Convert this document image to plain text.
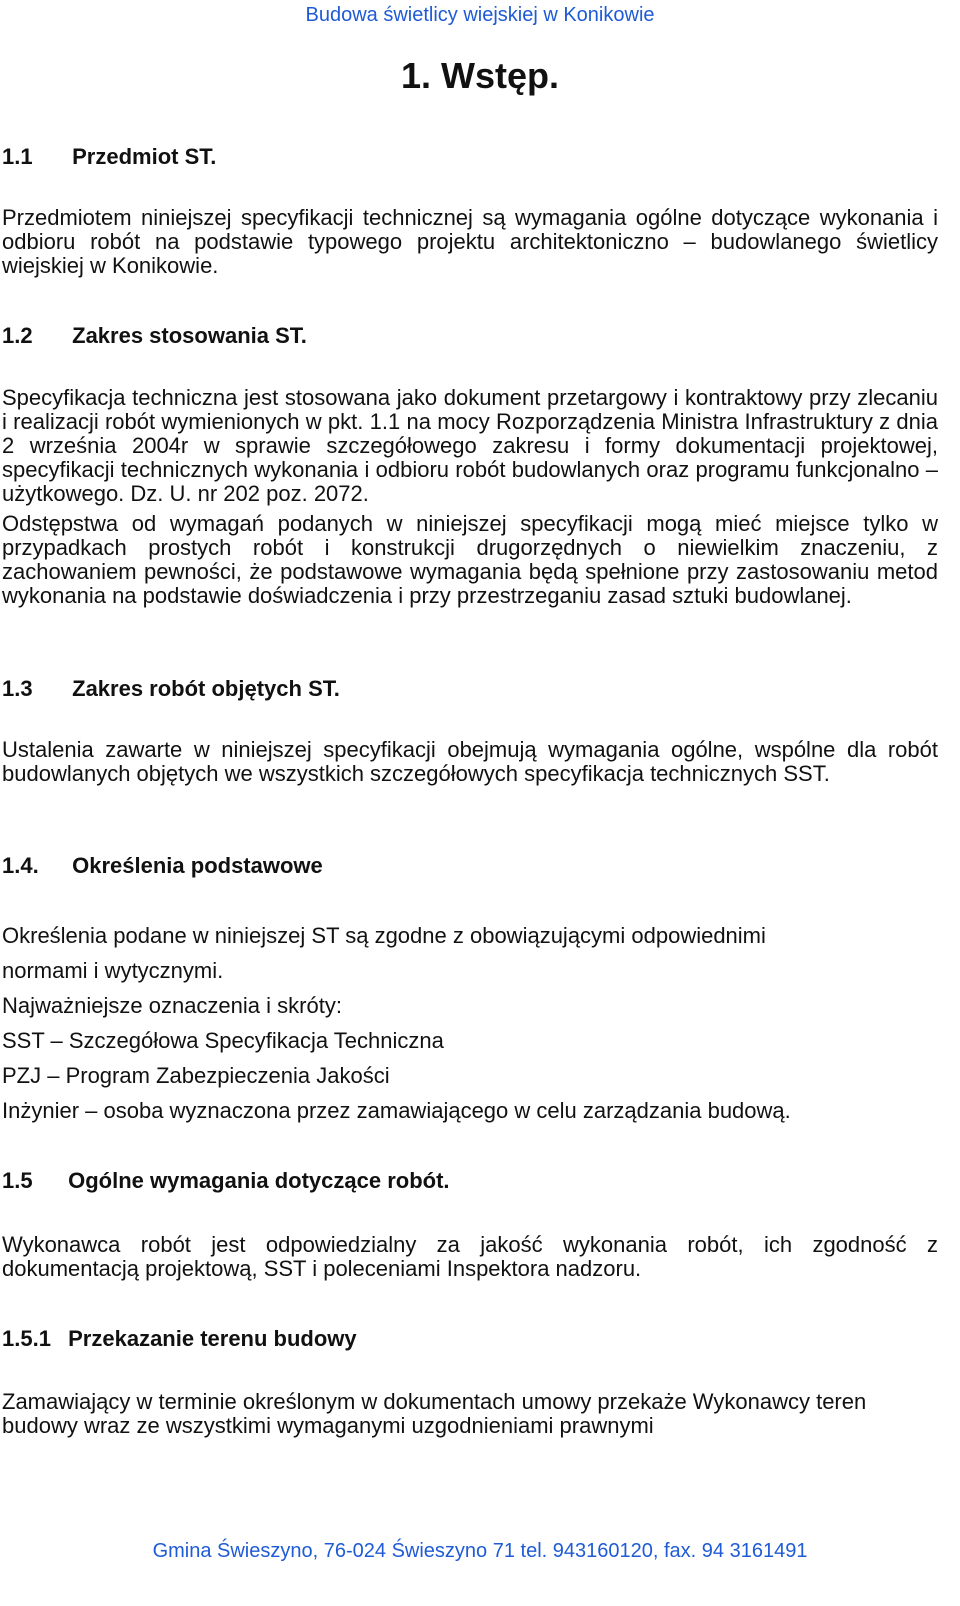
Budowa świetlicy wiejskiej w Konikowie
1. Wstęp.
1.1 Przedmiot ST.
Przedmiotem niniejszej specyfikacji technicznej są wymagania ogólne dotyczące wykonania i odbioru robót na podstawie typowego projektu architektoniczno – budowlanego świetlicy wiejskiej w Konikowie.
1.2 Zakres stosowania ST.
Specyfikacja techniczna jest stosowana jako dokument przetargowy i kontraktowy przy zlecaniu i realizacji robót wymienionych w pkt. 1.1 na mocy Rozporządzenia Ministra Infrastruktury z dnia 2 września 2004r w sprawie szczegółowego zakresu i formy dokumentacji projektowej, specyfikacji technicznych wykonania i odbioru robót budowlanych oraz programu funkcjonalno – użytkowego. Dz. U. nr 202 poz. 2072.
Odstępstwa od wymagań podanych w niniejszej specyfikacji mogą mieć miejsce tylko w przypadkach prostych robót i konstrukcji drugorzędnych o niewielkim znaczeniu, z zachowaniem pewności, że podstawowe wymagania będą spełnione przy zastosowaniu metod wykonania na podstawie doświadczenia i przy przestrzeganiu zasad sztuki budowlanej.
1.3 Zakres robót objętych ST.
Ustalenia zawarte w niniejszej specyfikacji obejmują wymagania ogólne, wspólne dla robót budowlanych objętych we wszystkich szczegółowych specyfikacja technicznych SST.
1.4. Określenia podstawowe
Określenia podane w niniejszej ST są zgodne z obowiązującymi odpowiednimi
normami i wytycznymi.
Najważniejsze oznaczenia i skróty:
SST – Szczegółowa Specyfikacja Techniczna
PZJ – Program Zabezpieczenia Jakości
Inżynier – osoba wyznaczona przez zamawiającego w celu zarządzania budową.
1.5 Ogólne wymagania dotyczące robót.
Wykonawca robót jest odpowiedzialny za jakość wykonania robót, ich zgodność z dokumentacją projektową, SST i poleceniami Inspektora nadzoru.
1.5.1 Przekazanie terenu budowy
Zamawiający w terminie określonym w dokumentach umowy przekaże Wykonawcy teren budowy wraz ze wszystkimi wymaganymi uzgodnieniami prawnymi
Gmina Świeszyno, 76-024 Świeszyno 71 tel. 943160120, fax. 94 3161491
